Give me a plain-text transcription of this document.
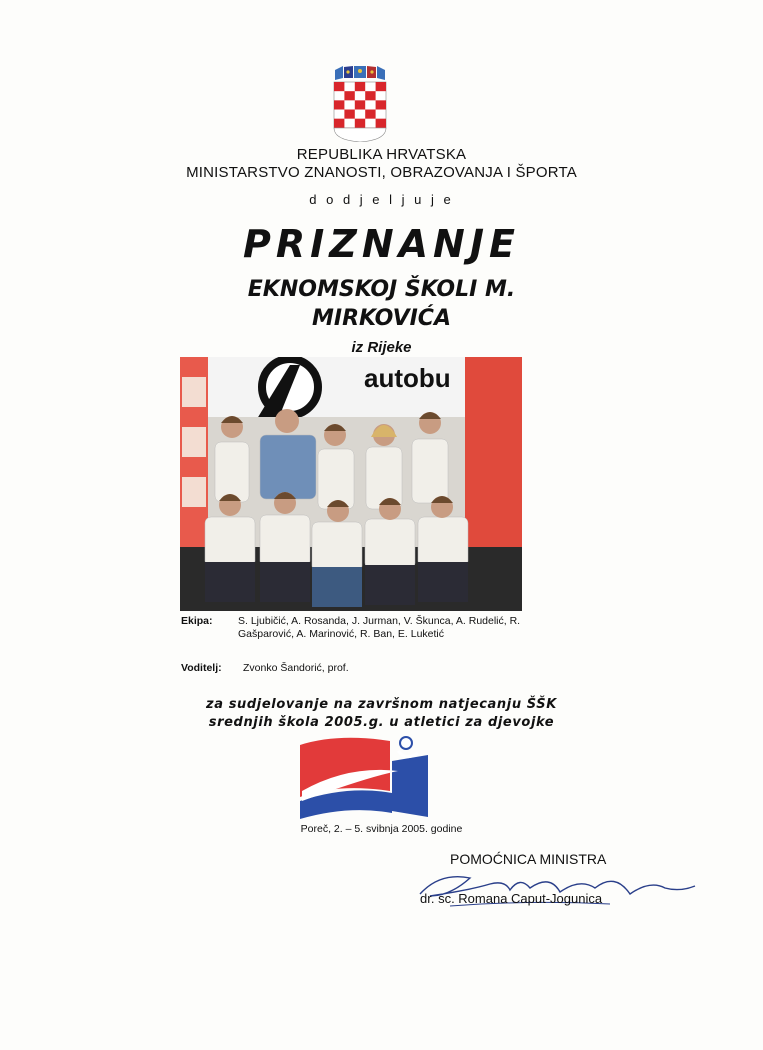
REPUBLIKA HRVATSKA
MINISTARSTVO ZNANOSTI, OBRAZOVANJA I ŠPORTA
d o d j e l j u j e
PRIZNANJE
EKNOMSKOJ ŠKOLI M.
MIRKOVIĆA
iz Rijeke
autobu
Ekipa: S. Ljubičić, A. Rosanda, J. Jurman, V. Škunca, A. Rudelić, R. Gašparović, A. Marinović, R. Ban, E. Luketić
Voditelj: Zvonko Šandorić, prof.
za sudjelovanje na završnom natjecanju ŠŠK
srednjih škola 2005.g. u atletici za djevojke
Poreč, 2. – 5. svibnja 2005. godine
POMOĆNICA MINISTRA
dr. sc. Romana Caput-Jogunica
